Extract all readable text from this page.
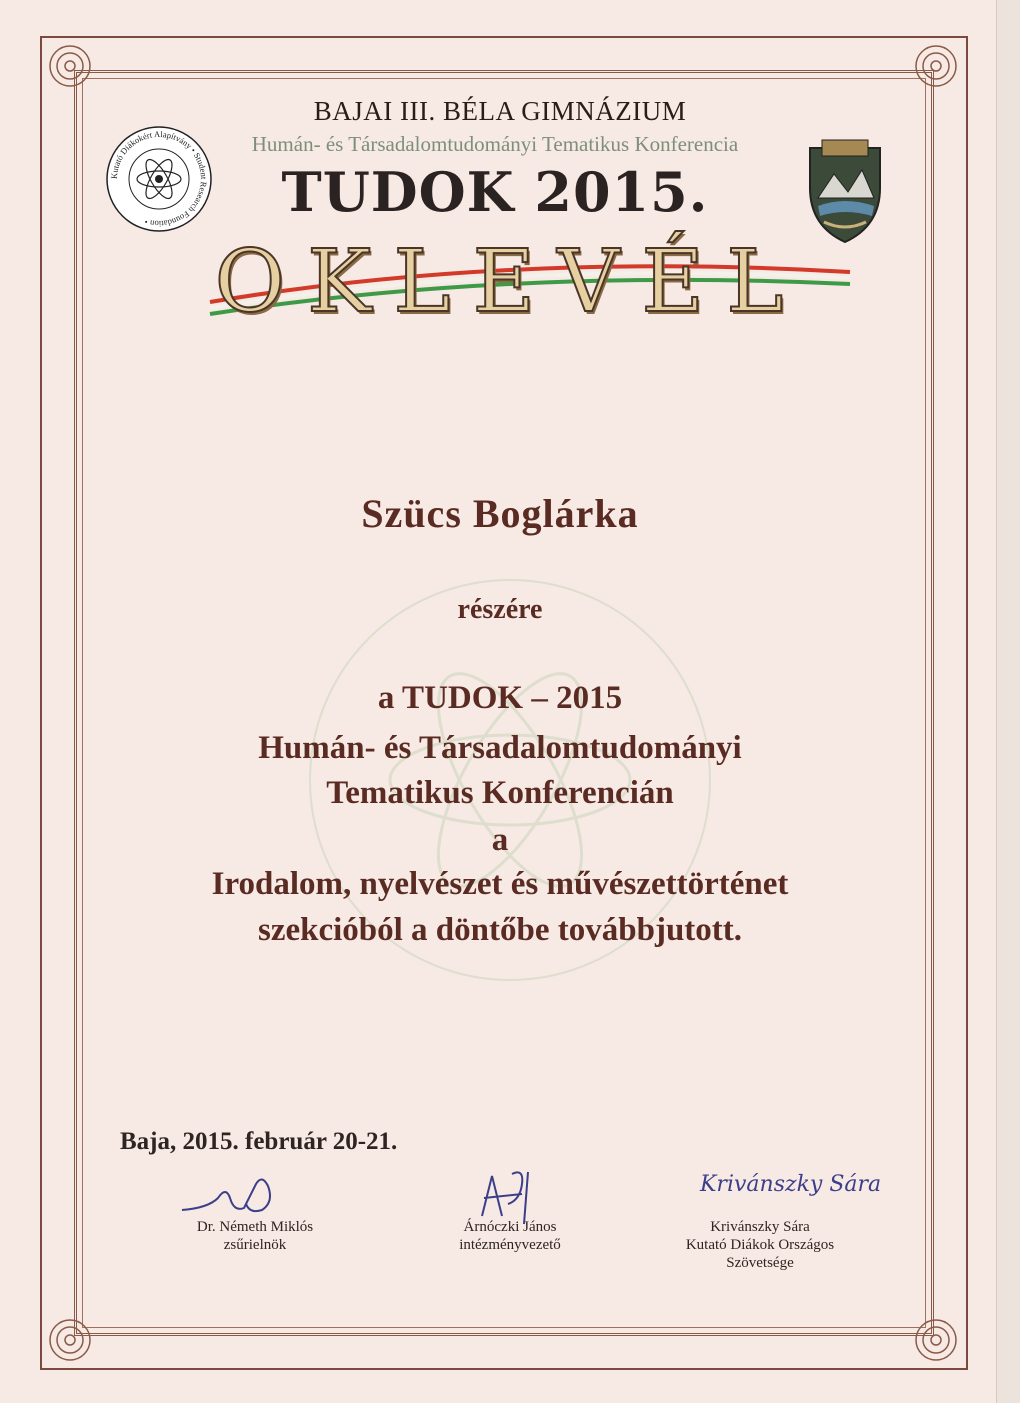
BAJAI III. BÉLA GIMNÁZIUM
Humán- és Társadalomtudományi Tematikus Konferencia
TUDOK 2015.
Kutató Diákokért Alapítvány • Student Research Foundation •
OKLEVÉL
Szücs Boglárka
részére
a TUDOK – 2015
Humán- és Társadalomtudományi
Tematikus Konferencián
a
Irodalom, nyelvészet és művészettörténet
szekcióból a döntőbe továbbjutott.
Baja, 2015. február 20-21.
Dr. Németh Miklós
zsűrielnök
Árnóczki János
intézményvezető
Krivánszky Sára
Krivánszky Sára
Kutató Diákok Országos
Szövetsége
